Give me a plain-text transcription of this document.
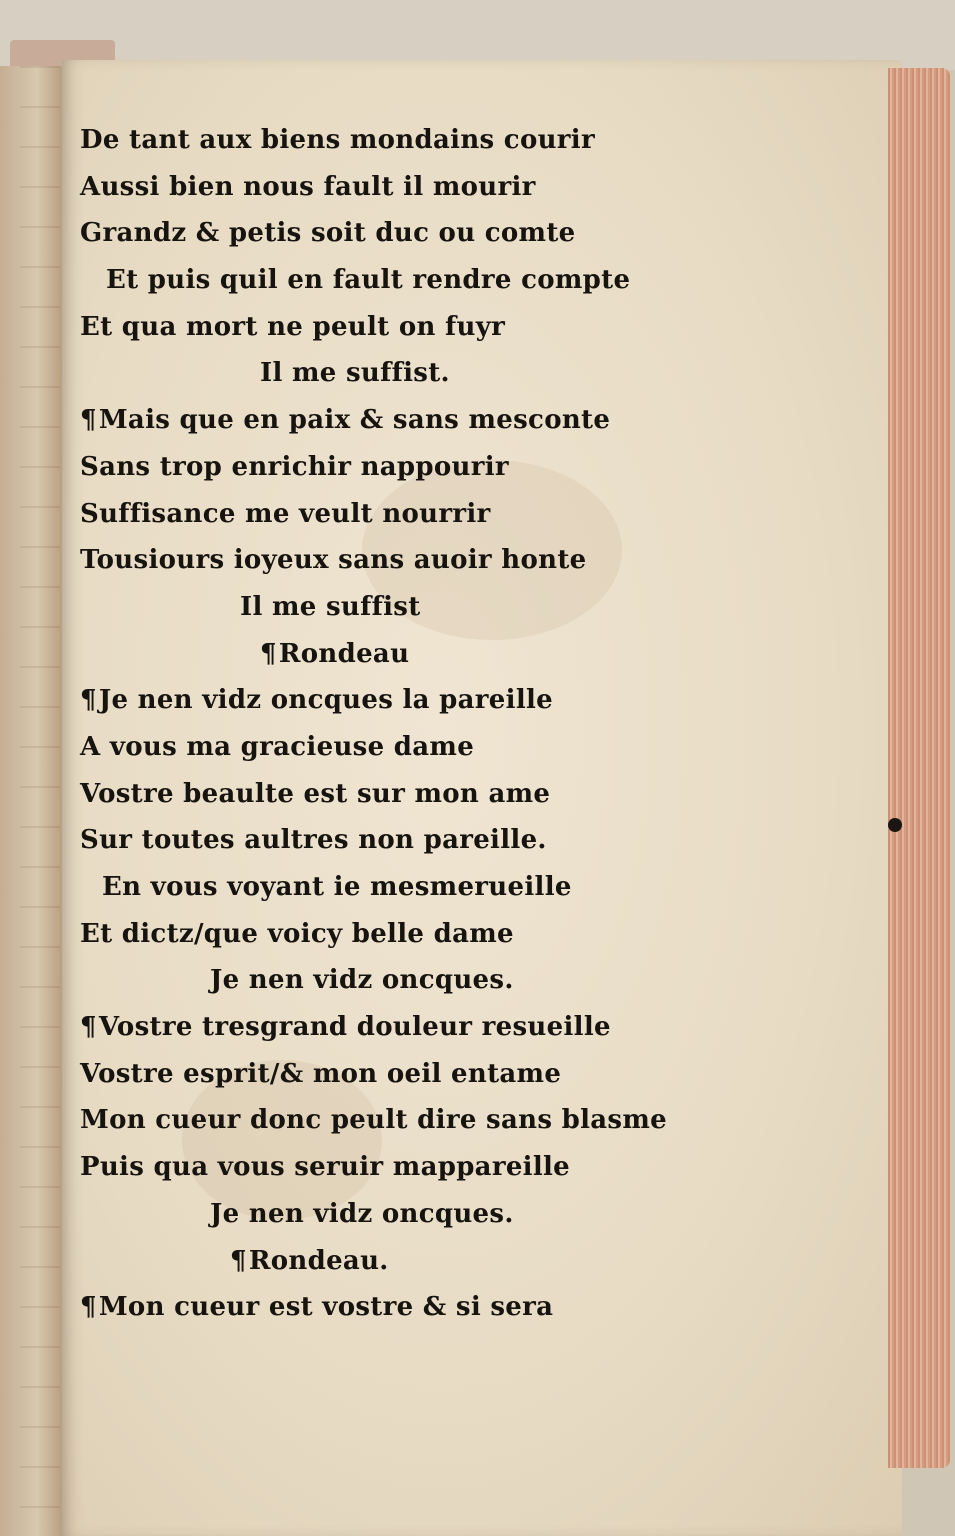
De tant aux biens mondains courir
Aussi bien nous fault il mourir
Grandz & petis soit duc ou comte
Et puis quil en fault rendre compte
Et qua mort ne peult on fuyr
Il me suffist.
¶Mais que en paix & sans mesconte
Sans trop enrichir nappourir
Suffisance me veult nourrir
Tousiours ioyeux sans auoir honte
Il me suffist
¶Rondeau
¶Je nen vidz oncques la pareille
A vous ma gracieuse dame
Vostre beaulte est sur mon ame
Sur toutes aultres non pareille.
En vous voyant ie mesmerueille
Et dictz/que voicy belle dame
Je nen vidz oncques.
¶Vostre tresgrand douleur resueille
Vostre esprit/& mon oeil entame
Mon cueur donc peult dire sans blasme
Puis qua vous seruir mappareille
Je nen vidz oncques.
¶Rondeau.
¶Mon cueur est vostre & si sera
